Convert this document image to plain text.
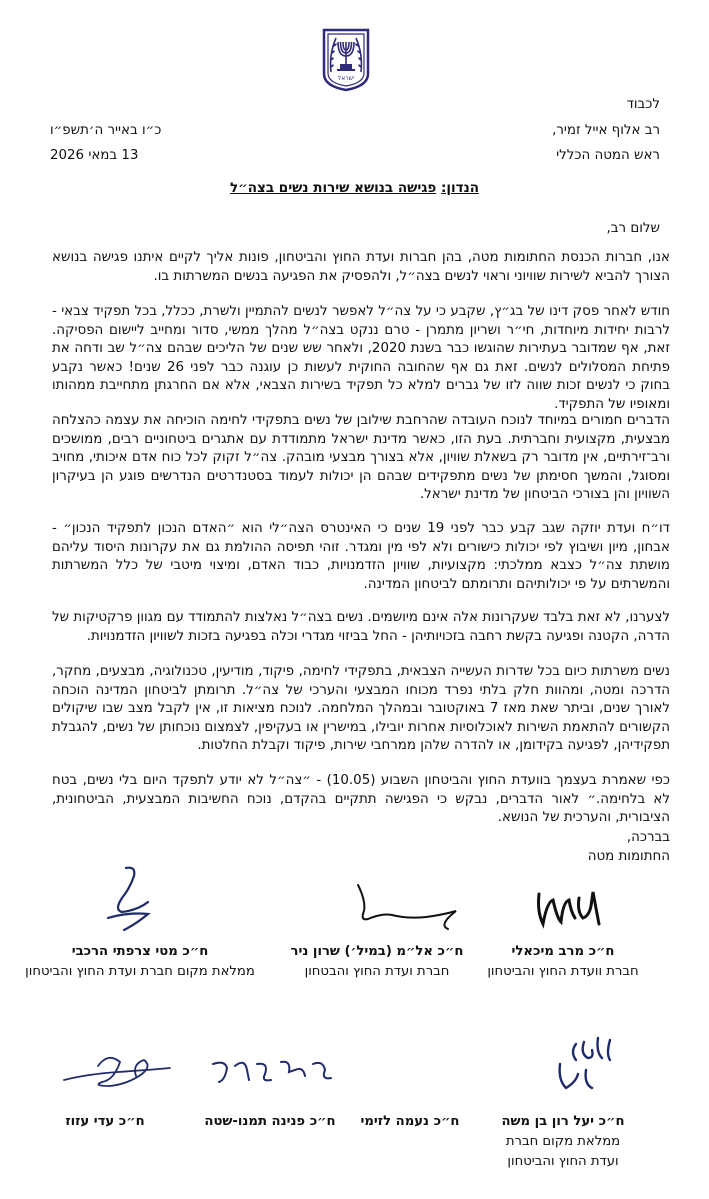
ישראל
לכבוד
רב אלוף אייל זמיר,
ראש המטה הכללי
כ״ו באייר ה׳תשפ״ו
13 במאי 2026
הנדון: פגישה בנושא שירות נשים בצה״ל
שלום רב,
אנו, חברות הכנסת החתומות מטה, בהן חברות ועדת החוץ והביטחון, פונות אליך לקיים איתנו פגישה בנושא הצורך להביא לשירות שוויוני וראוי לנשים בצה״ל, ולהפסיק את הפגיעה בנשים המשרתות בו.
חודש לאחר פסק דינו של בג״ץ, שקבע כי על צה״ל לאפשר לנשים להתמיין ולשרת, ככלל, בכל תפקיד צבאי - לרבות יחידות מיוחדות, חי״ר ושריון מתמרן - טרם ננקט בצה״ל מהלך ממשי, סדור ומחייב ליישום הפסיקה. זאת, אף שמדובר בעתירות שהוגשו כבר בשנת 2020, ולאחר שש שנים של הליכים שבהם צה״ל שב ודחה את פתיחת המסלולים לנשים. זאת גם אף שהחובה החוקית לעשות כן עוגנה כבר לפני 26 שנים! כאשר נקבע בחוק כי לנשים זכות שווה לזו של גברים למלא כל תפקיד בשירות הצבאי, אלא אם החרגתן מתחייבת ממהותו ומאופיו של התפקיד.
הדברים חמורים במיוחד לנוכח העובדה שהרחבת שילובן של נשים בתפקידי לחימה הוכיחה את עצמה כהצלחה מבצעית, מקצועית וחברתית. בעת הזו, כאשר מדינת ישראל מתמודדת עם אתגרים ביטחוניים רבים, ממושכים ורב־זירתיים, אין מדובר רק בשאלת שוויון, אלא בצורך מבצעי מובהק. צה״ל זקוק לכל כוח אדם איכותי, מחויב ומסוגל, והמשך חסימתן של נשים מתפקידים שבהם הן יכולות לעמוד בסטנדרטים הנדרשים פוגע הן בעיקרון השוויון והן בצורכי הביטחון של מדינת ישראל.
דו״ח ועדת יוזקה שגב קבע כבר לפני 19 שנים כי האינטרס הצה״לי הוא ״האדם הנכון לתפקיד הנכון״ - אבחון, מיון ושיבוץ לפי יכולות כישורים ולא לפי מין ומגדר. זוהי תפיסה ההולמת גם את עקרונות היסוד עליהם מושתת צה״ל כצבא ממלכתי: מקצועיות, שוויון הזדמנויות, כבוד האדם, ומיצוי מיטבי של כלל המשרתות והמשרתים על פי יכולותיהם ותרומתם לביטחון המדינה.
לצערנו, לא זאת בלבד שעקרונות אלה אינם מיושמים. נשים בצה״ל נאלצות להתמודד עם מגוון פרקטיקות של הדרה, הקטנה ופגיעה בקשת רחבה בזכויותיהן - החל בביזוי מגדרי וכלה בפגיעה בזכות לשוויון הזדמנויות.
נשים משרתות כיום בכל שדרות העשייה הצבאית, בתפקידי לחימה, פיקוד, מודיעין, טכנולוגיה, מבצעים, מחקר, הדרכה ומטה, ומהוות חלק בלתי נפרד מכוחו המבצעי והערכי של צה״ל. תרומתן לביטחון המדינה הוכחה לאורך שנים, וביתר שאת מאז 7 באוקטובר ובמהלך המלחמה. לנוכח מציאות זו, אין לקבל מצב שבו שיקולים הקשורים להתאמת השירות לאוכלוסיות אחרות יובילו, במישרין או בעקיפין, לצמצום נוכחותן של נשים, להגבלת תפקידיהן, לפגיעה בקידומן, או להדרה שלהן ממרחבי שירות, פיקוד וקבלת החלטות.
כפי שאמרת בעצמך בוועדת החוץ והביטחון השבוע (10.05) - ״צה״ל לא יודע לתפקד היום בלי נשים, בטח לא בלחימה.״ לאור הדברים, נבקש כי הפגישה תתקיים בהקדם, נוכח החשיבות המבצעית, הביטחונית, הציבורית, והערכית של הנושא.
בברכה,
החתומות מטה
ח״כ מרב מיכאלי
חברת וועדת החוץ והביטחון
ח״כ אל״מ (במיל׳) שרון ניר
חברת ועדת החוץ והבטחון
ח״כ מטי צרפתי הרכבי
ממלאת מקום חברת ועדת החוץ והביטחון
ח״כ יעל רון בן משה
ממלאת מקום חברת ועדת החוץ והביטחון
ח״כ נעמה לזימי
ח״כ פנינה תמנו-שטה
ח״כ עדי עזוז
